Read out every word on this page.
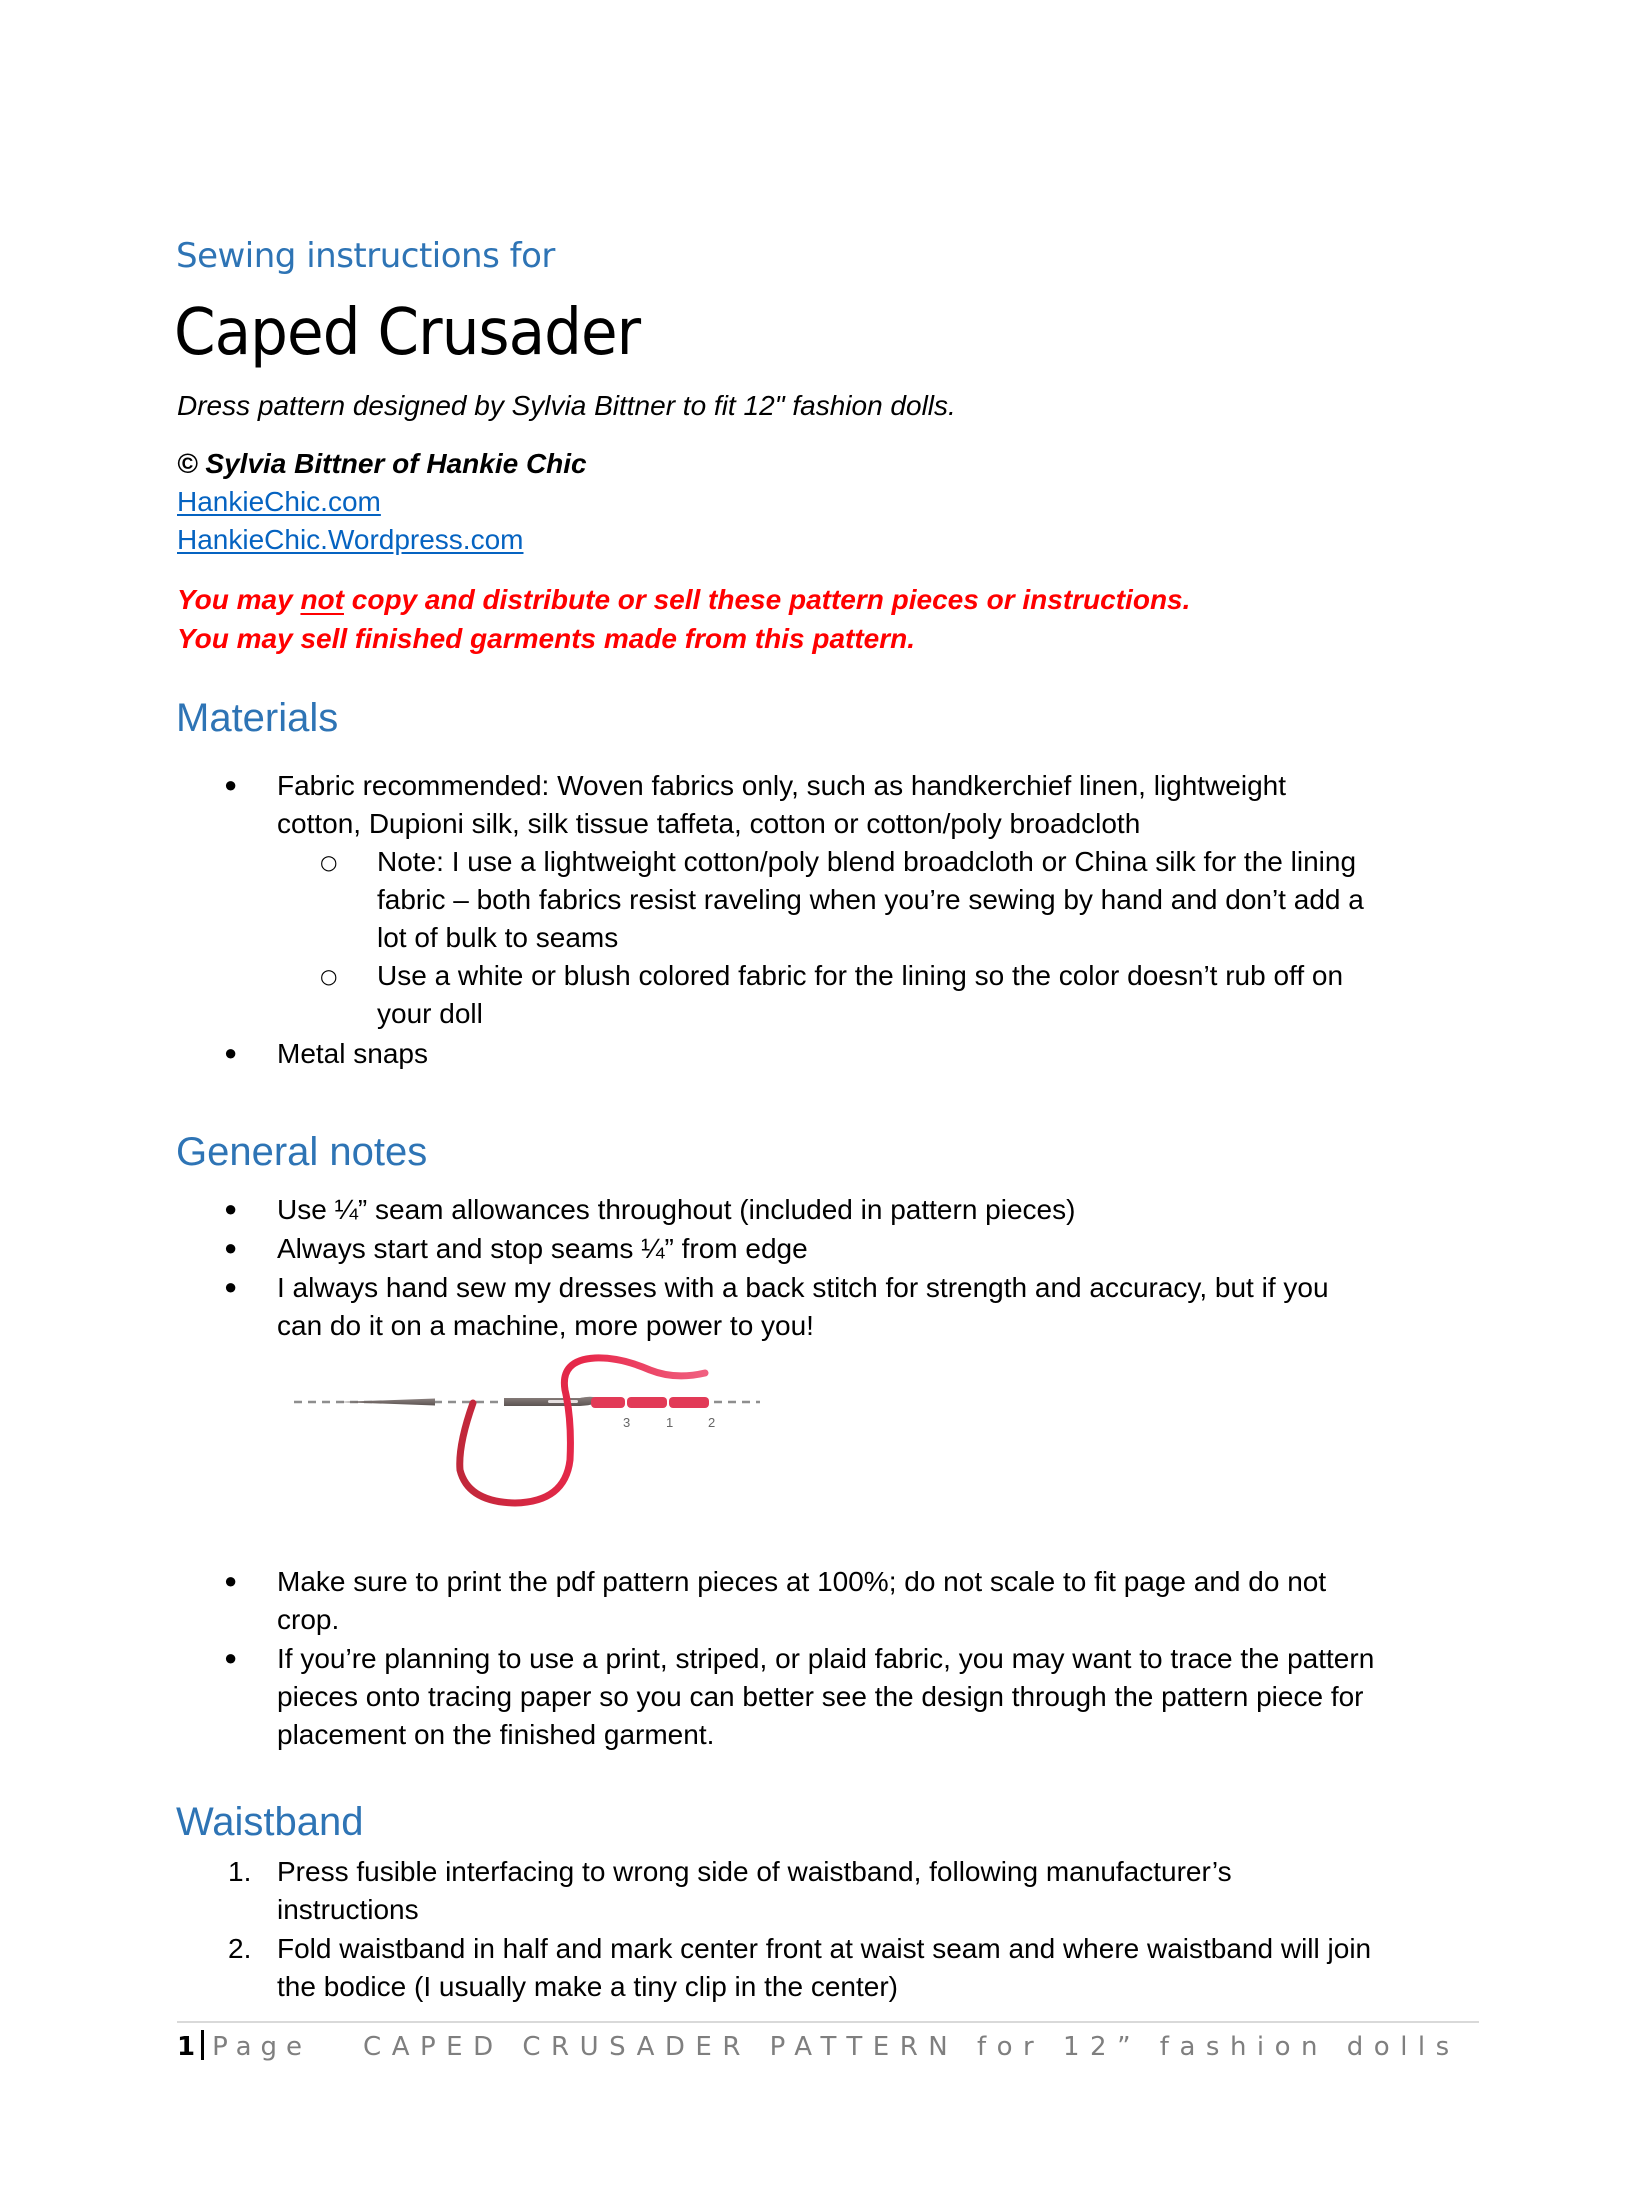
Sewing instructions for
Caped Crusader
Dress pattern designed by Sylvia Bittner to fit 12" fashion dolls.
© Sylvia Bittner of Hankie Chic
HankieChic.com
HankieChic.Wordpress.com
You may not copy and distribute or sell these pattern pieces or instructions.
You may sell finished garments made from this pattern.
Materials
● Fabric recommended: Woven fabrics only, such as handkerchief linen, lightweight
cotton, Dupioni silk, silk tissue taffeta, cotton or cotton/poly broadcloth
○ Note: I use a lightweight cotton/poly blend broadcloth or China silk for the lining
fabric – both fabrics resist raveling when you’re sewing by hand and don’t add a
lot of bulk to seams
○ Use a white or blush colored fabric for the lining so the color doesn’t rub off on
your doll
● Metal snaps
General notes
● Use ¼” seam allowances throughout (included in pattern pieces)
● Always start and stop seams ¼” from edge
● I always hand sew my dresses with a back stitch for strength and accuracy, but if you
can do it on a machine, more power to you!
3	1	2
● Make sure to print the pdf pattern pieces at 100%; do not scale to fit page and do not
crop.
● If you’re planning to use a print, striped, or plaid fabric, you may want to trace the pattern
pieces onto tracing paper so you can better see the design through the pattern piece for
placement on the finished garment.
Waistband
1. Press fusible interfacing to wrong side of waistband, following manufacturer’s
instructions
2. Fold waistband in half and mark center front at waist seam and where waistband will join
the bodice (I usually make a tiny clip in the center)
1 Page CAPED CRUSADER PATTERN for 12” fashion dolls
